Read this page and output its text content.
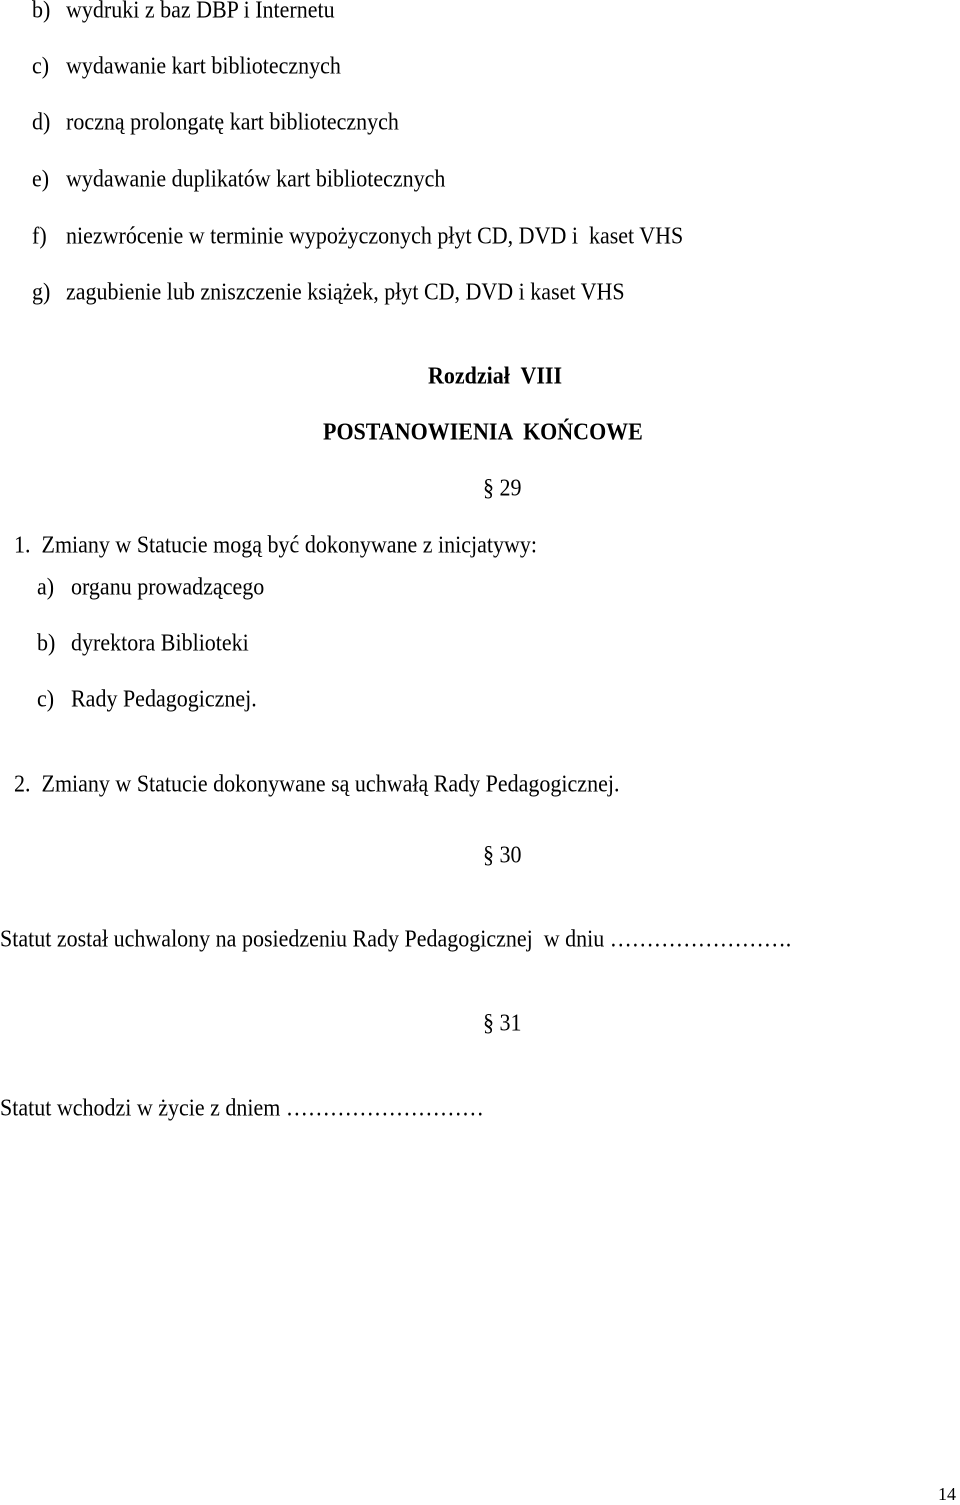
b) wydruki z baz DBP i Internetu
c) wydawanie kart bibliotecznych
d) roczną prolongatę kart bibliotecznych
e) wydawanie duplikatów kart bibliotecznych
f) niezwrócenie w terminie wypożyczonych płyt CD, DVD i  kaset VHS
g) zagubienie lub zniszczenie książek, płyt CD, DVD i kaset VHS
Rozdział  VIII
POSTANOWIENIA  KOŃCOWE
§ 29
1.  Zmiany w Statucie mogą być dokonywane z inicjatywy:
a) organu prowadzącego
b) dyrektora Biblioteki
c) Rady Pedagogicznej.
2.  Zmiany w Statucie dokonywane są uchwałą Rady Pedagogicznej.
§ 30
Statut został uchwalony na posiedzeniu Rady Pedagogicznej  w dniu …………………….
§ 31
Statut wchodzi w życie z dniem ………………………
14
